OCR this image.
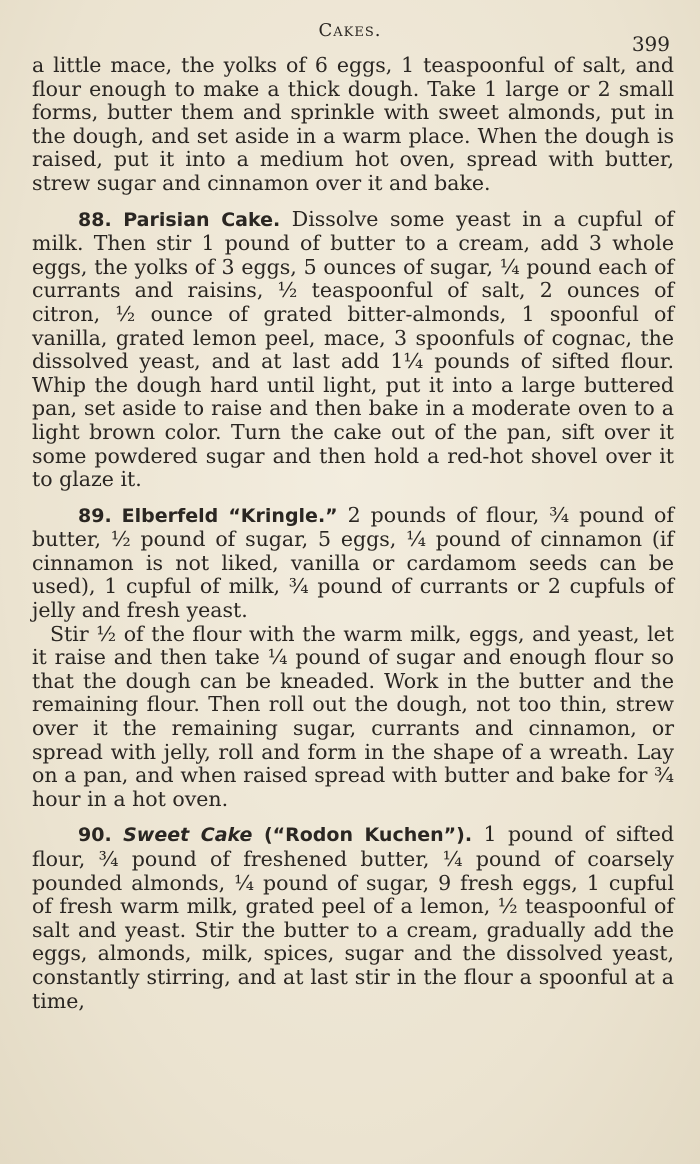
Cakes.
399

a little mace, the yolks of 6 eggs, 1 teaspoonful of salt, and flour enough to make a thick dough. Take 1 large or 2 small forms, butter them and sprinkle with sweet almonds, put in the dough, and set aside in a warm place. When the dough is raised, put it into a medium hot oven, spread with butter, strew sugar and cinnamon over it and bake.

88. Parisian Cake. Dissolve some yeast in a cupful of milk. Then stir 1 pound of butter to a cream, add 3 whole eggs, the yolks of 3 eggs, 5 ounces of sugar, ¼ pound each of currants and raisins, ½ teaspoonful of salt, 2 ounces of citron, ½ ounce of grated bitter-almonds, 1 spoonful of vanilla, grated lemon peel, mace, 3 spoonfuls of cognac, the dissolved yeast, and at last add 1¼ pounds of sifted flour. Whip the dough hard until light, put it into a large buttered pan, set aside to raise and then bake in a moderate oven to a light brown color. Turn the cake out of the pan, sift over it some powdered sugar and then hold a red-hot shovel over it to glaze it.

89. Elberfeld “Kringle.” 2 pounds of flour, ¾ pound of butter, ½ pound of sugar, 5 eggs, ¼ pound of cinnamon (if cinnamon is not liked, vanilla or cardamom seeds can be used), 1 cupful of milk, ¾ pound of currants or 2 cupfuls of jelly and fresh yeast.

Stir ½ of the flour with the warm milk, eggs, and yeast, let it raise and then take ¼ pound of sugar and enough flour so that the dough can be kneaded. Work in the butter and the remaining flour. Then roll out the dough, not too thin, strew over it the remaining sugar, currants and cinnamon, or spread with jelly, roll and form in the shape of a wreath. Lay on a pan, and when raised spread with butter and bake for ¾ hour in a hot oven.

90. Sweet Cake (“Rodon Kuchen”). 1 pound of sifted flour, ¾ pound of freshened butter, ¼ pound of coarsely pounded almonds, ¼ pound of sugar, 9 fresh eggs, 1 cupful of fresh warm milk, grated peel of a lemon, ½ teaspoonful of salt and yeast. Stir the butter to a cream, gradually add the eggs, almonds, milk, spices, sugar and the dissolved yeast, constantly stirring, and at last stir in the flour a spoonful at a time,
